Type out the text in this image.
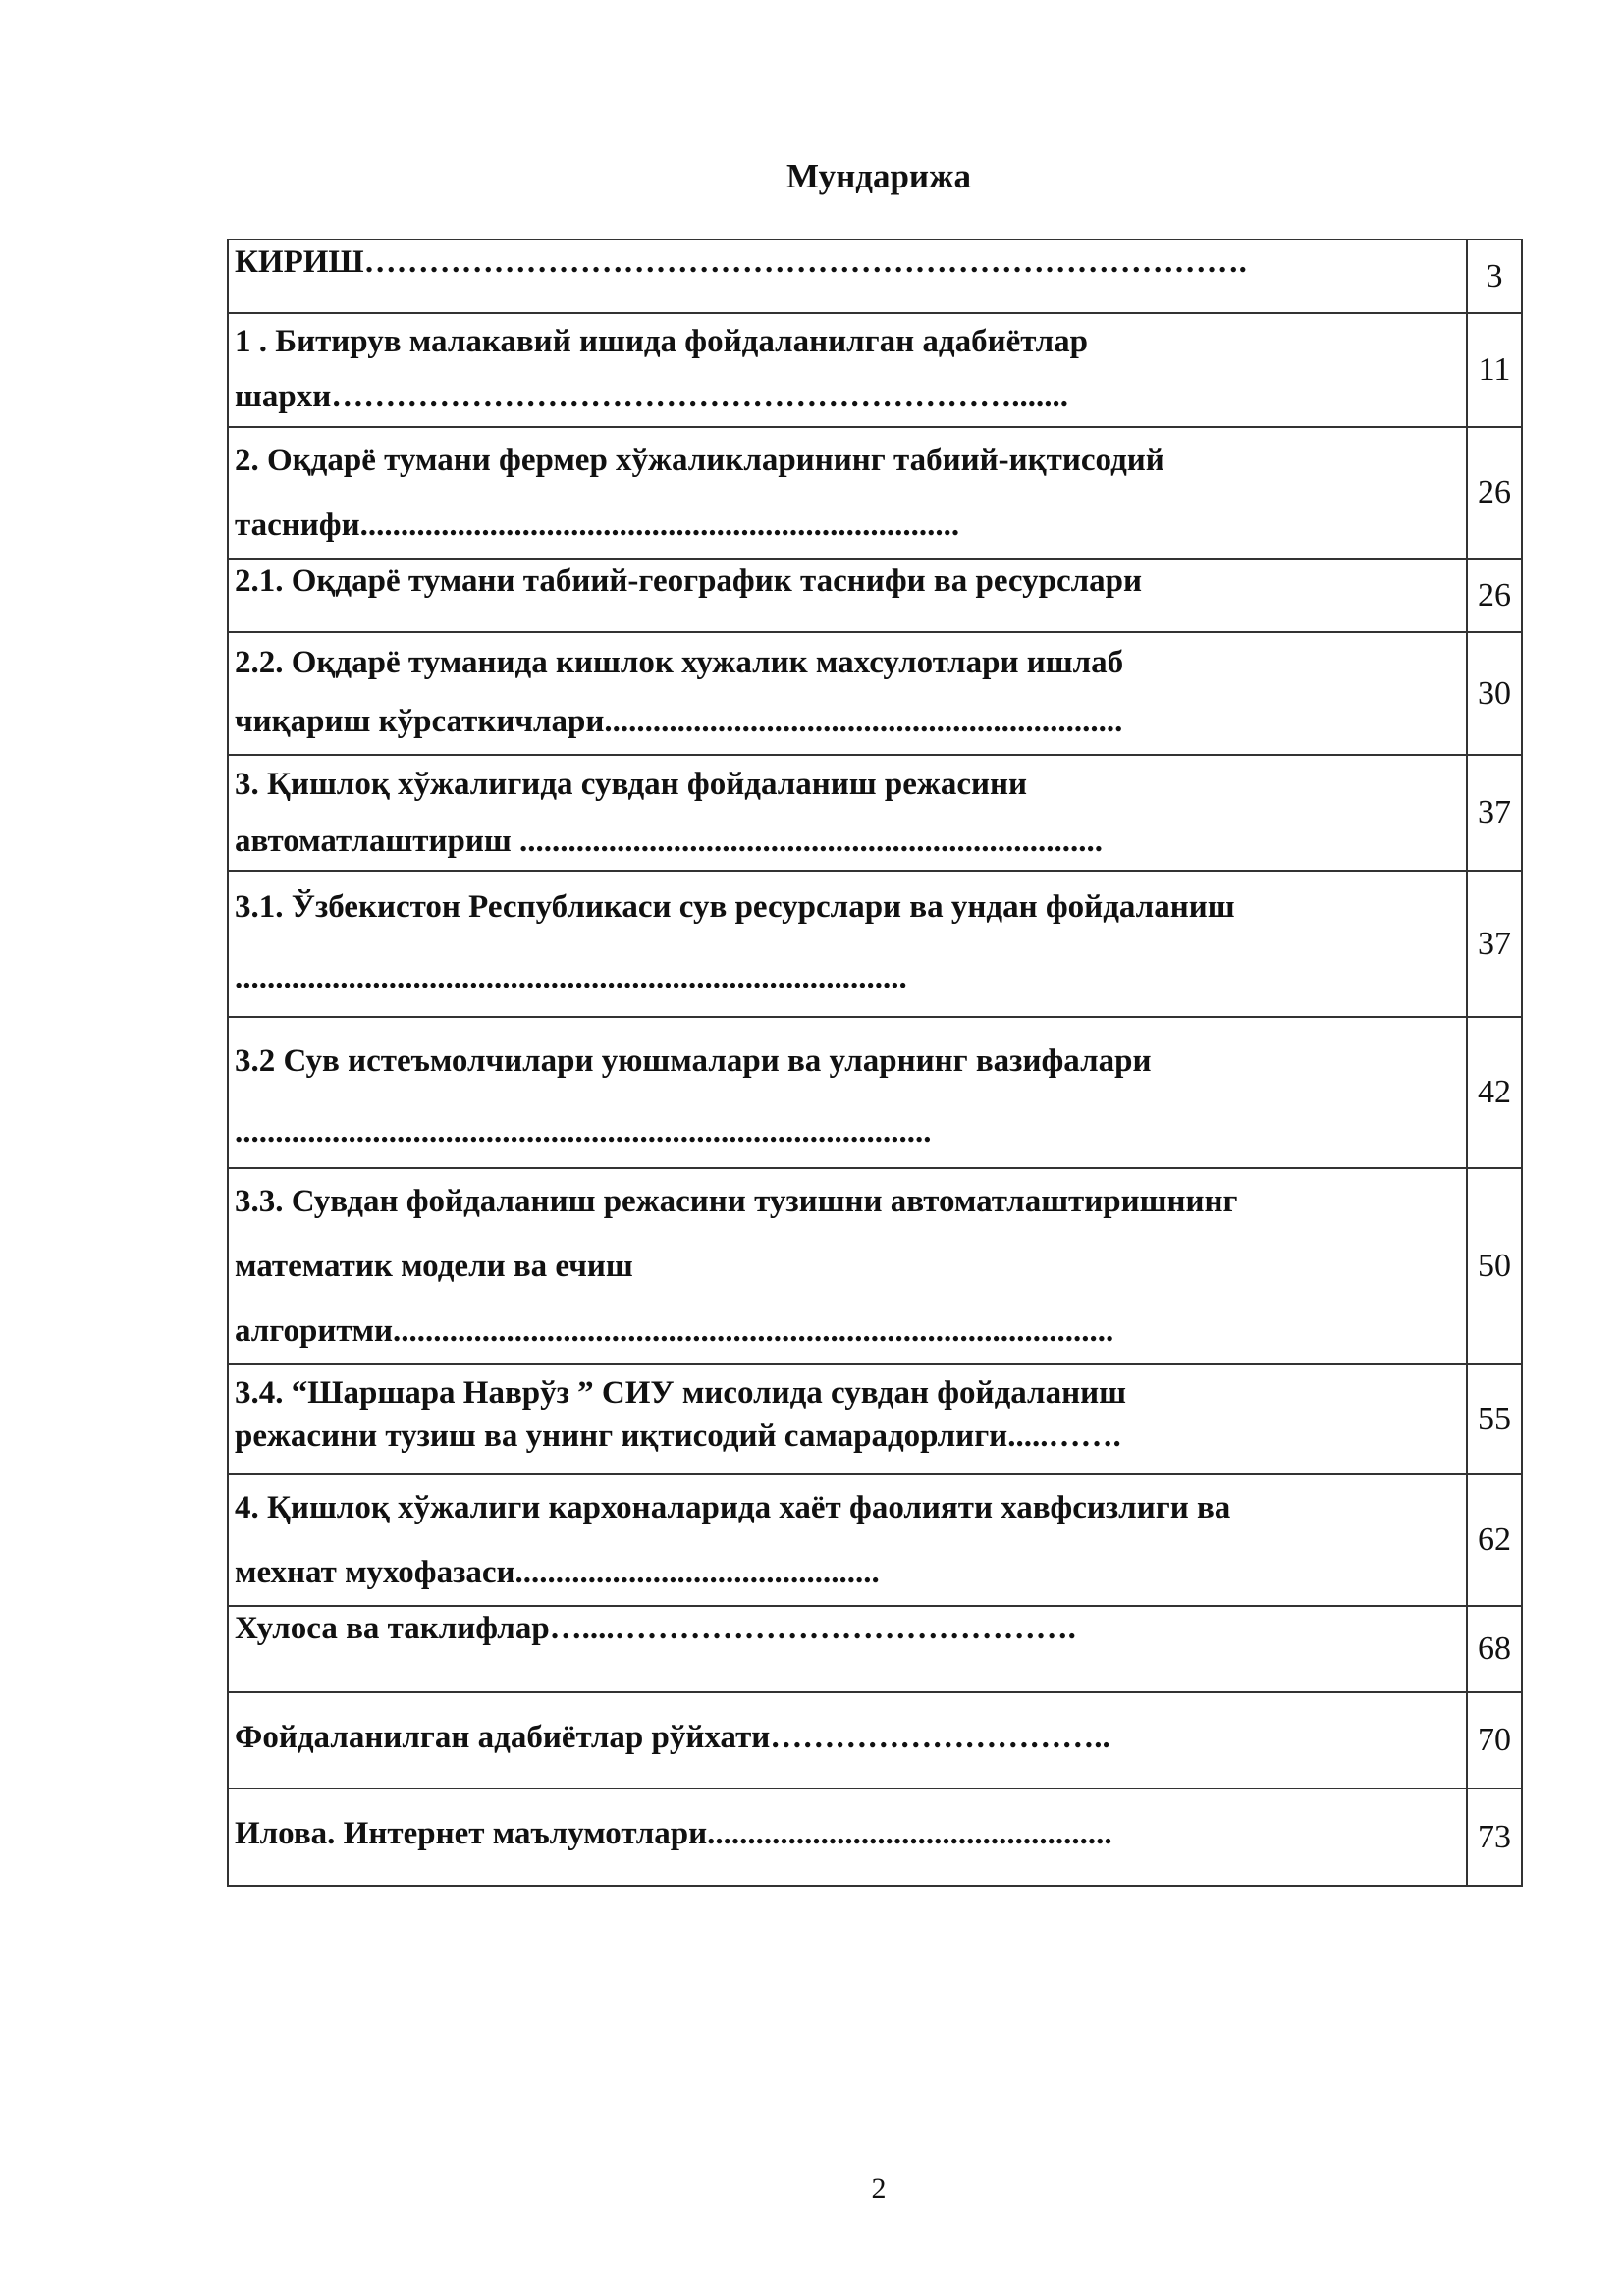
Мундарижа
КИРИШ……………………………………………………………………….	3

1 . Битирув малакавий ишида фойдаланилган адабиётлар
шархи……………………………………………………….......	11

2. Оқдарё тумани фермер хўжаликларининг табиий-иқтисодий
таснифи..........................................................................	26

2.1. Оқдарё тумани табиий-географик таснифи ва ресурслари	26

2.2. Оқдарё туманида кишлок хужалик махсулотлари ишлаб
чиқариш кўрсаткичлари................................................................	30

3. Қишлоқ хўжалигида сувдан фойдаланиш режасини
автоматлаштириш ........................................................................	37

3.1. Ўзбекистон Республикаси сув ресурслари ва ундан фойдаланиш
...................................................................................	37

3.2 Сув истеъмолчилари уюшмалари ва уларнинг вазифалари
......................................................................................	42

3.3. Сувдан фойдаланиш режасини тузишни автоматлаштиришнинг
математик модели ва ечиш
алгоритми.........................................................................................	50

3.4. “Шаршара Наврўз ” СИУ мисолида сувдан фойдаланиш
режасини тузиш ва унинг иқтисодий самарадорлиги.....…….	55

4. Қишлоқ хўжалиги кархоналарида хаёт фаолияти хавфсизлиги ва
мехнат мухофазаси.............................................	62

Хулоса ва таклифлар…....…………………………………….	68

Фойдаланилган адабиётлар рўйхати…………………………..	70

Илова. Интернет маълумотлари..................................................	73
2
